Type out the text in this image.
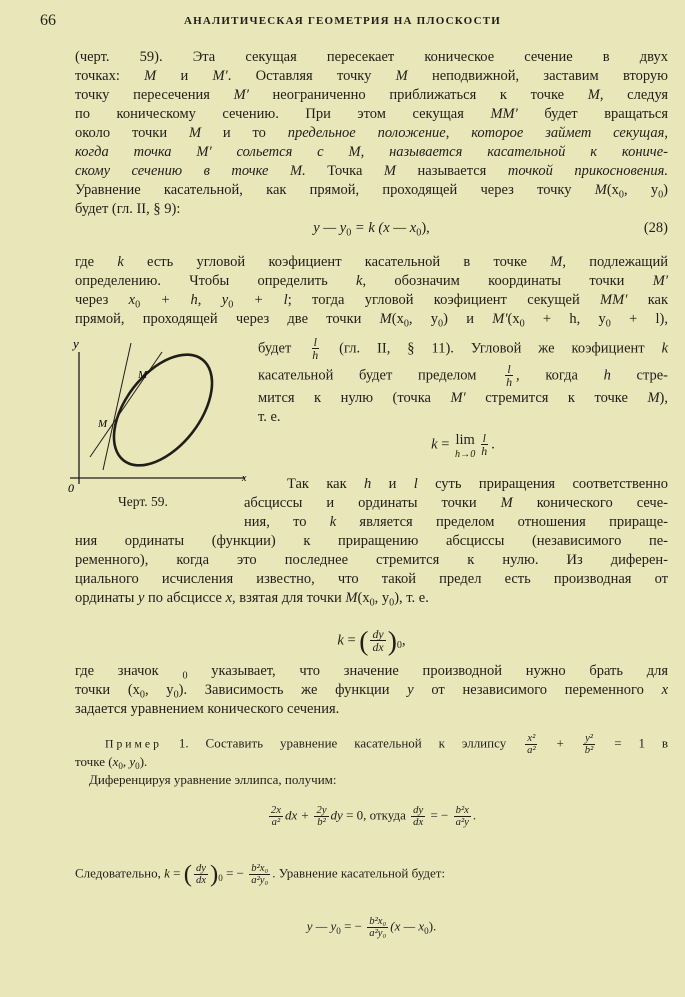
66	АНАЛИТИЧЕСКАЯ ГЕОМЕТРИЯ НА ПЛОСКОСТИ
y
x
0
M′
M
Черт. 59.
(черт. 59). Эта секущая пересекает коническое сечение в двух
точках: M и M′. Оставляя точку M неподвижной, заставим вторую
точку пересечения M′ неограниченно приближаться к точке M, следуя
по коническому сечению. При этом секущая MM′ будет вращаться
около точки M и то предельное положение, которое займет секущая,
когда точка M′ сольется с M, называется касательной к кониче-
скому сечению в точке M. Точка M называется точкой прикосновения.
Уравнение касательной, как прямой, проходящей через точку $M(x_0$, $y_0$)
будет (гл. II, § 9):
y — $y_0 = k$ (x — $x_0$),	(28)
где k есть угловой коэфициент касательной в точке M, подлежащий
определению. Чтобы определить k, обозначим координаты точки M′
через $x_0 + h$, $y_0 + l$; тогда угловой коэфициент секущей MM′ как
прямой, проходящей через две точки $M(x_0$, $y_0$) и $M'(x_0 + h$, $y_0 + l$),
будет $\frac{l}{h} (гл$. II, § 11). Угловой же коэфициент k
касательной будет пределом $\frac{l}{h}$ , когда h стре-
мится к нулю (точка M′ стремится к точке M),
т. е.
k = lim
$h\to 0 \frac{l}{h}$ .
Так как h и l суть приращения соответственно
абсциссы и ординаты точки M конического сече-
ния, то k является пределом отношения прираще-
ния ординаты (функции) к приращению абсциссы (независимого пе-
ременного), когда это последнее стремится к нулю. Из диферен-
циального исчисления известно, что такой предел есть производная от
ординаты y по абсциссе x, взятая для точки $M(x_0$, $y_0$), т. е.
k = ( $\frac{dy}{dx} )_0$,
где значок $_0$ указывает, что значение производной нужно брать для
точки ($x_0$, $y_0$). Зависимость же функции y от независимого переменного x
задается уравнением конического сечения.
Пример 1. Составить уравнение касательной к эллипсу $\frac{\text{x²}}{\text{a²}} + \frac{\text{y²}}{\text{b²}} = 1$ в
точке ($x_0$, $y_0$).
Диференцируя уравнение эллипса, получим:
$\frac{2x}{\text{a²}}$ dx + $\frac{2y}{\text{b²}}$ dy = 0, откуда $\frac{dy}{dx}$ = − $\frac{\text{b²x}}{\text{a²y}}$ .
Следовательно, k = ( $\frac{dy}{dx} )_0$ = − $\frac{\text{b²x₀}}{\text{a²y₀}}$ . Уравнение касательной будет:
y — $y_0$ = − $\frac{\text{b²x₀}}{\text{a²y₀}} (x$ — $x_0$).
